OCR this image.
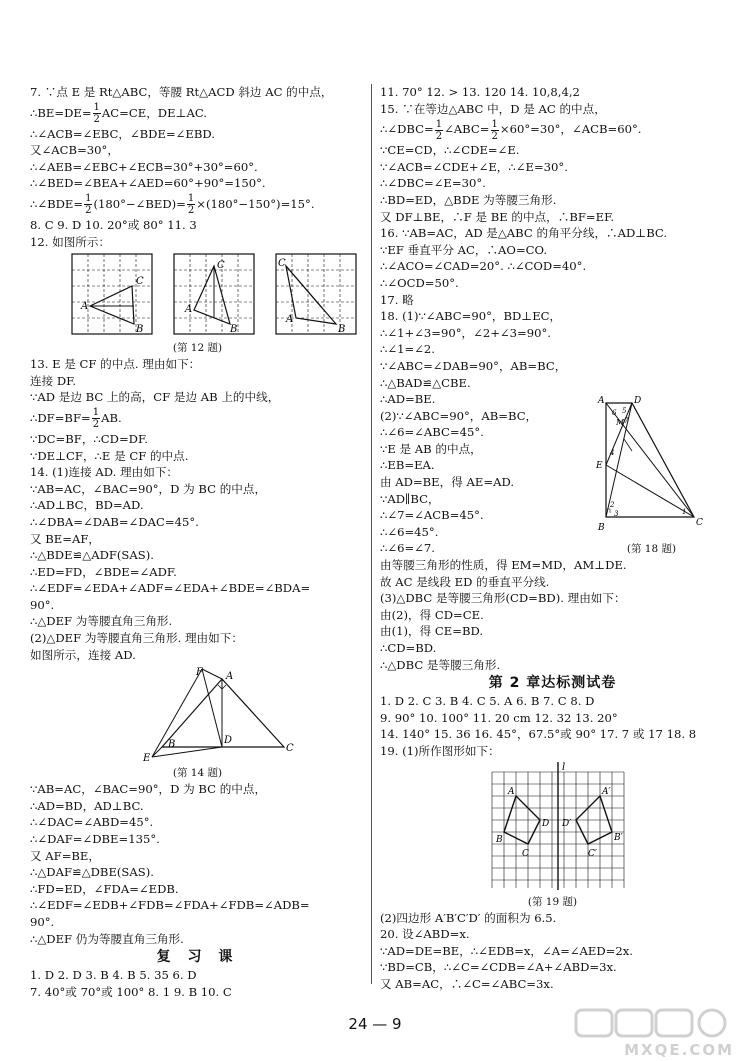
7. ∵点 E 是 Rt△ABC，等腰 Rt△ACD 斜边 AC 的中点，
∴BE=DE= $\frac{1}{2} AC=CE$，DE⊥AC.
∴∠ACB=∠EBC，∠BDE=∠EBD.
又∠ACB=30°，
∴∠AEB=∠EBC+∠ECB=30°+30°=60°.
∴∠BED=∠BEA+∠AED=60°+90°=150°.
∴∠BDE= $\frac{1}{2}$ (180°−∠BED)= $\frac{1}{2} \times(180^\circ-150^\circ)=15^\circ$.
8. C 9. D 10. 20°或 80° 11. 3
12. 如图所示：
A
C
B
A
C
B
C
A
B
(第 12 题)
13. E 是 CF 的中点. 理由如下：
连接 DF.
∵AD 是边 BC 上的高，CF 是边 AB 上的中线，
∴DF=BF= $\frac{1}{2}$ AB.
∵DC=BF，∴CD=DF.
∵DE⊥CF，∴E 是 CF 的中点.
14. (1)连接 AD. 理由如下：
∵AB=AC，∠BAC=90°，D 为 BC 的中点，
∴AD⊥BC，BD=AD.
∴∠DBA=∠DAB=∠DAC=45°.
又 BE=AF，
∴△BDE≌△ADF(SAS).
∴ED=FD，∠BDE=∠ADF.
∴∠EDF=∠EDA+∠ADF=∠EDA+∠BDE=∠BDA=
90°.
∴△DEF 为等腰直角三角形.
(2)△DEF 为等腰直角三角形. 理由如下：
如图所示，连接 AD.
F A
B	D
C
E
(第 14 题)
∵AB=AC，∠BAC=90°，D 为 BC 的中点，
∴AD=BD，AD⊥BC.
∴∠DAC=∠ABD=45°.
∴∠DAF=∠DBE=135°.
又 AF=BE，
∴△DAF≌△DBE(SAS).
∴FD=ED，∠FDA=∠EDB.
∴∠EDF=∠EDB+∠FDB=∠FDA+∠FDB=∠ADB=
90°.
∴△DEF 仍为等腰直角三角形.
复 习 课
1. D 2. D 3. B 4. B 5. 35 6. D
7. 40°或 70°或 100° 8. 1 9. B 10. C
11. 70° 12. > 13. 120 14. 10,8,4,2
15. ∵在等边△ABC 中，D 是 AC 的中点，
∴∠DBC= $\frac{1}{2}$ ∠ABC= $\frac{1}{2} \times 60^\circ=30^\circ$，∠ACB=60°.
∵CE=CD，∴∠CDE=∠E.
∵∠ACB=∠CDE+∠E，∴∠E=30°.
∴∠DBC=∠E=30°.
∴BD=ED，△BDE 为等腰三角形.
又 DF⊥BE，∴F 是 BE 的中点，∴BF=EF.
16. ∵AB=AC，AD 是△ABC 的角平分线，∴AD⊥BC.
∵EF 垂直平分 AC，∴AO=CO.
∴∠ACO=∠CAD=20°. ∴∠COD=40°.
∴∠OCD=50°.
17. 略
18. (1)∵∠ABC=90°，BD⊥EC，
∴∠1+∠3=90°，∠2+∠3=90°.
∴∠1=∠2.
∵∠ABC=∠DAB=90°，AB=BC，
∴△BAD≌△CBE.
A	D
E
B	C
M
5
6
7
4
2
3	1
(第 18 题)
∴AD=BE.
(2)∵∠ABC=90°，AB=BC，
∴∠6=∠ABC=45°.
∵E 是 AB 的中点，
∴EB=EA.
由 AD=BE，得 AE=AD.
∵AD∥BC，
∴∠7=∠ACB=45°.
∴∠6=45°.
∴∠6=∠7.
由等腰三角形的性质，得 EM=MD，AM⊥DE.
故 AC 是线段 ED 的垂直平分线.
(3)△DBC 是等腰三角形(CD=BD). 理由如下：
由(2)，得 CD=CE.
由(1)，得 CE=BD.
∴CD=BD.
∴△DBC 是等腰三角形.
第 2 章达标测试卷
1. D 2. C 3. B 4. C 5. A 6. B 7. C 8. D
9. 90° 10. 100° 11. 20 cm 12. 32 13. 20°
14. 140° 15. 36 16. 45°，67.5°或 90° 17. 7 或 17 18. 8
19. (1)所作图形如下：
l
A
B
C
D
A′
B′
C′
D′
(第 19 题)
(2)四边形 A′B′C′D′ 的面积为 6.5.
20. 设∠ABD=x.
∵AD=DE=BE，∴∠EDB=x，∠A=∠AED=2x.
∵BD=CB，∴∠C=∠CDB=∠A+∠ABD=3x.
又 AB=AC，∴∠C=∠ABC=3x.
24 — 9
MXQE.COM
